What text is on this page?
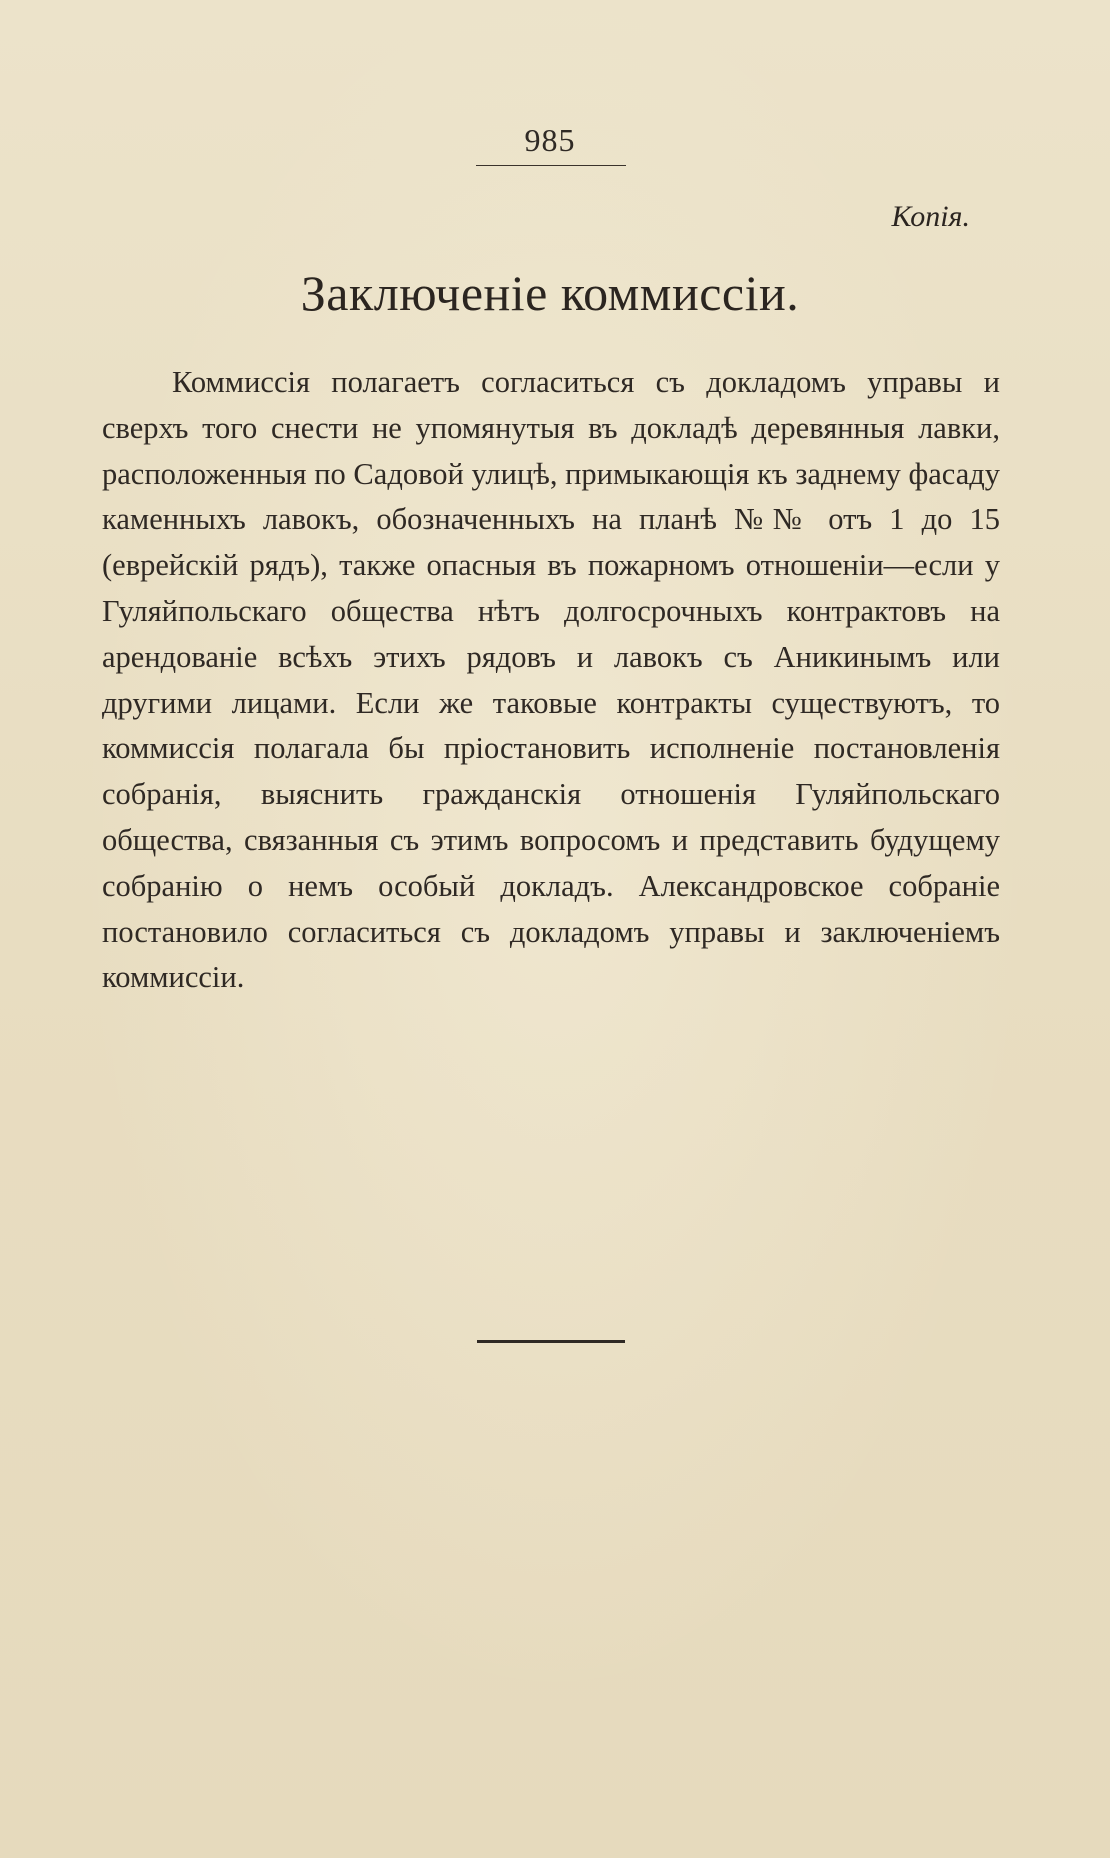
985
Копія.
Заключеніе коммиссіи.

Коммиссія полагаетъ согласиться съ докладомъ управы и сверхъ того снести не упомянутыя въ докладѣ деревянныя лавки, расположенныя по Садовой улицѣ, примыкающія къ заднему фасаду каменныхъ лавокъ, обозначенныхъ на планѣ №№ отъ 1 до 15 (еврейскій рядъ), также опасныя въ пожарномъ отношеніи—если у Гуляйпольскаго общества нѣтъ долгосрочныхъ контрактовъ на арендованіе всѣхъ этихъ рядовъ и лавокъ съ Аникинымъ или другими лицами. Если же таковые контракты существуютъ, то коммиссія полагала бы пріостановить исполненіе постановленія собранія, выяснить гражданскія отношенія Гуляйпольскаго общества, связанныя съ этимъ вопросомъ и представить будущему собранію о немъ особый докладъ. Александровское собраніе постановило согласиться съ докладомъ управы и заключеніемъ коммиссіи.
